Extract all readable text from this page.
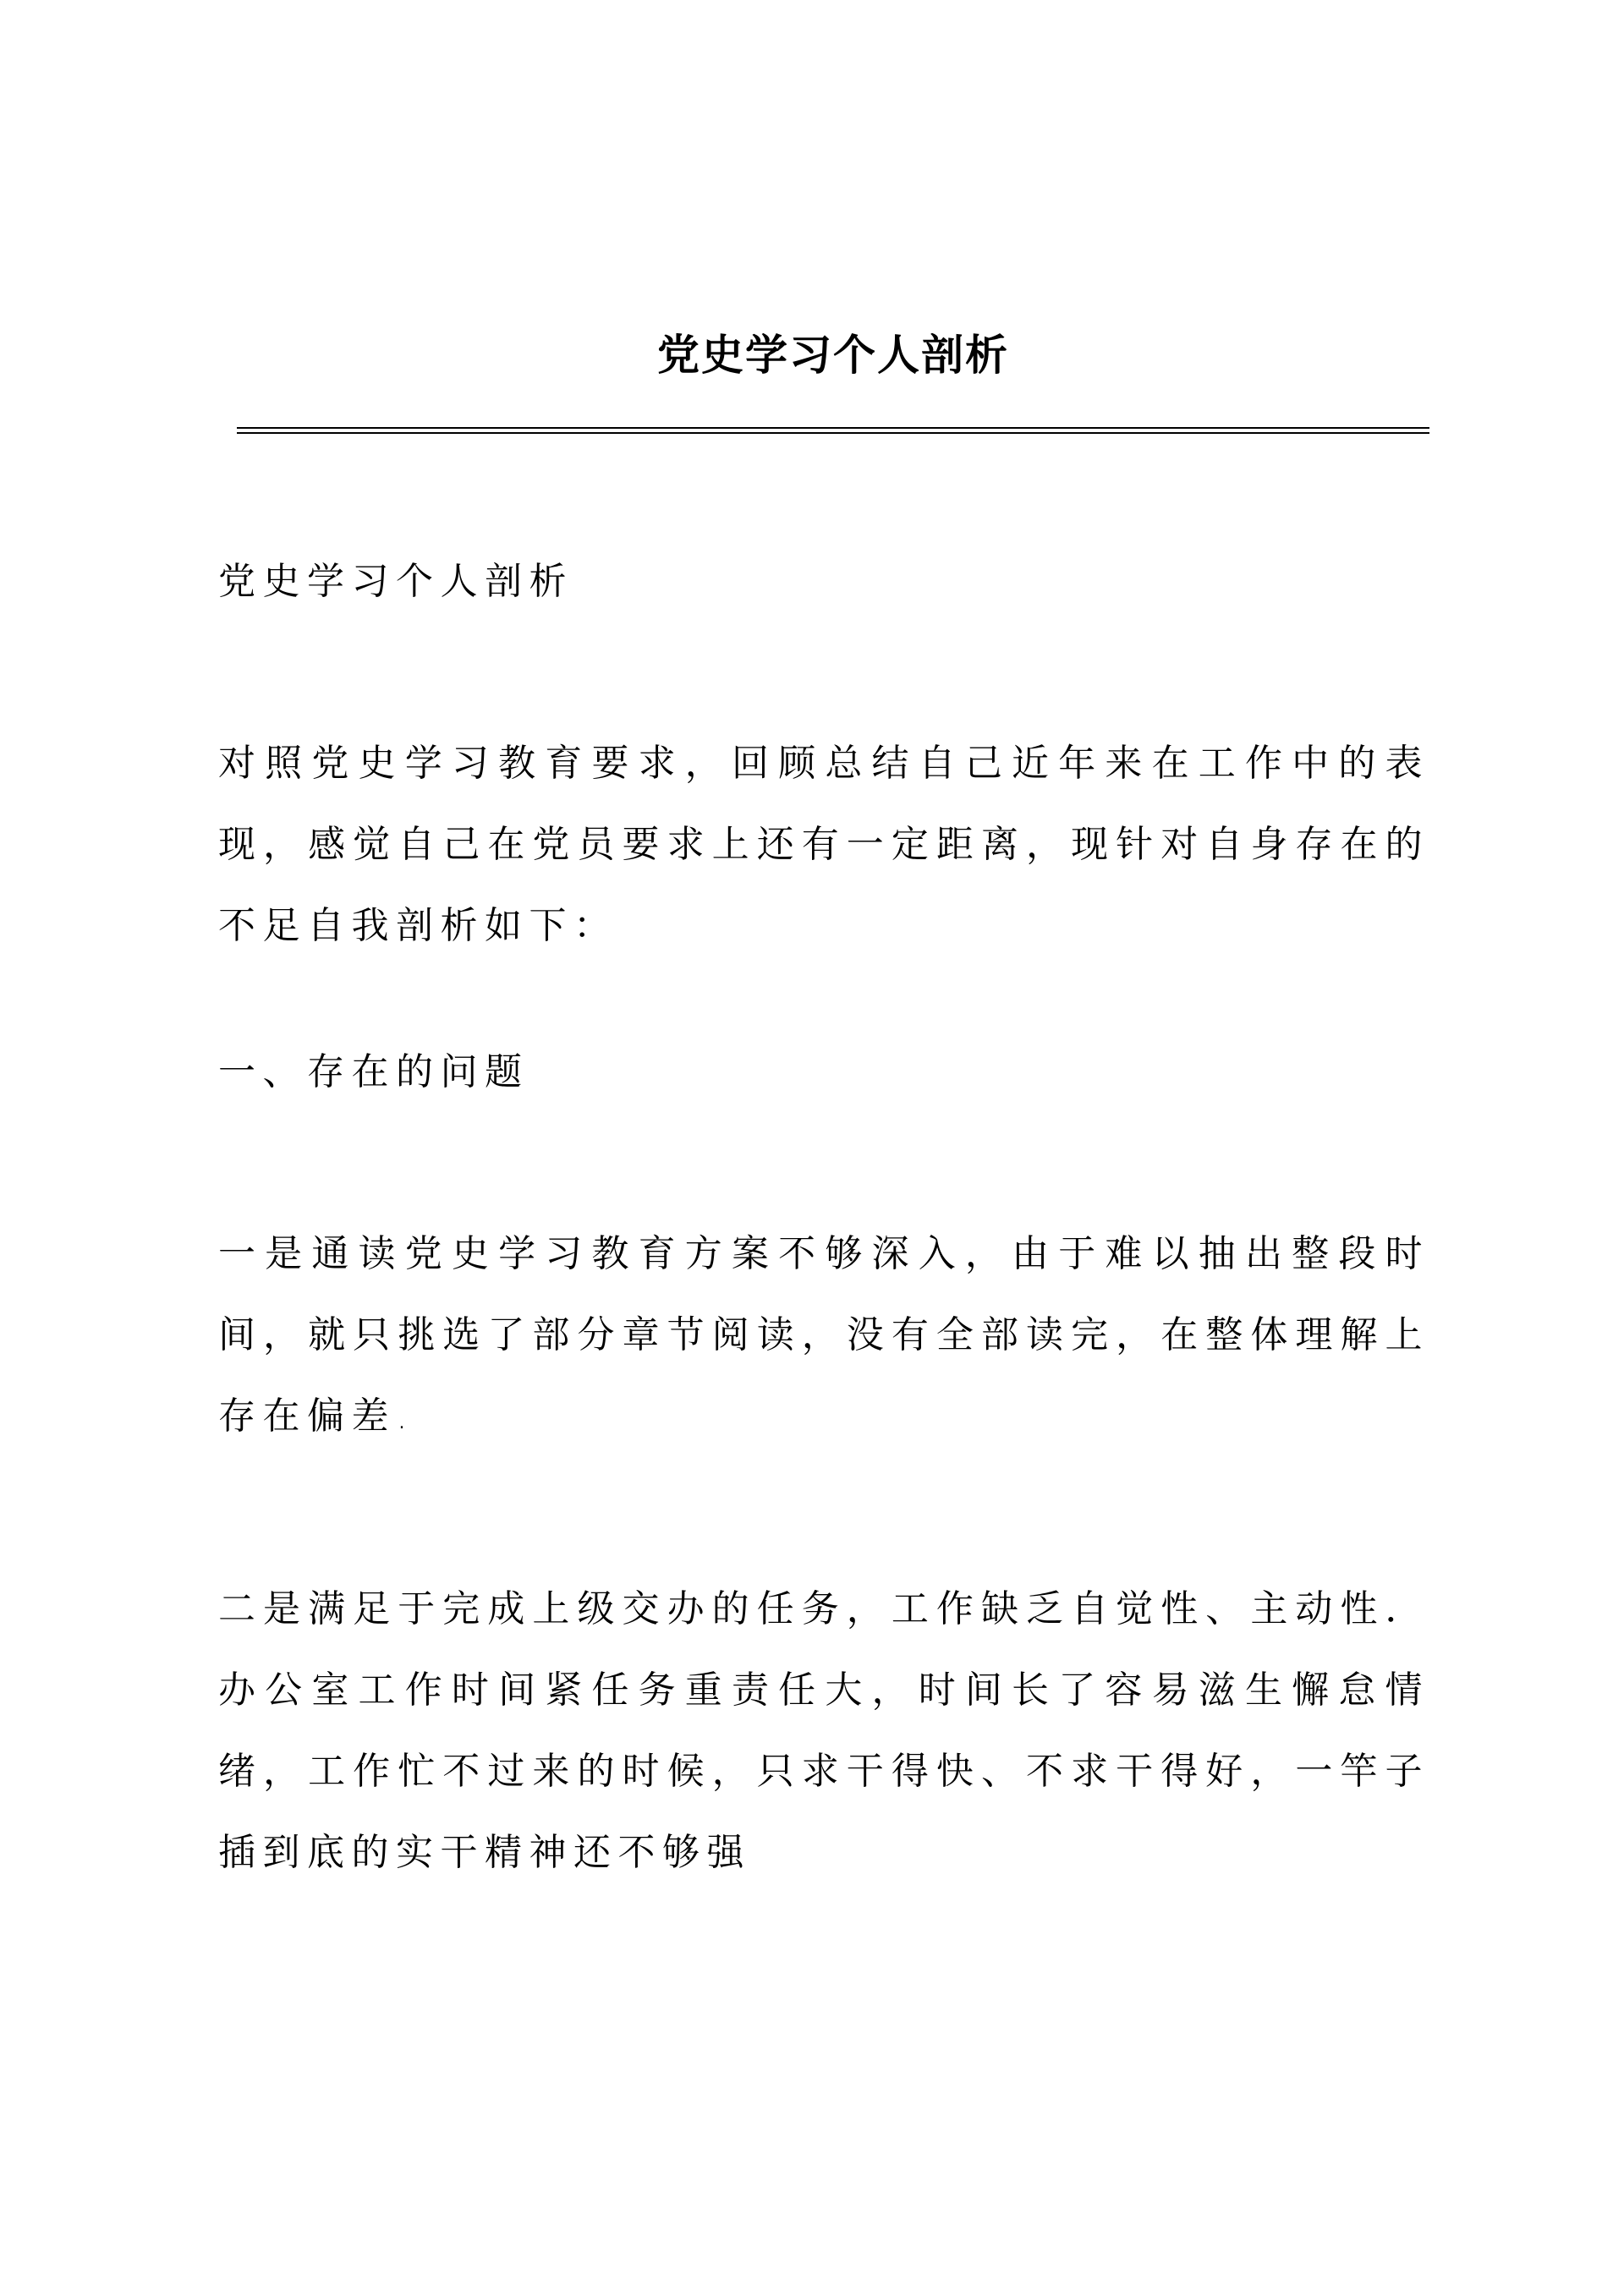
党史学习个人剖析

党史学习个人剖析

对照党史学习教育要求，回顾总结自己近年来在工作中的表现，感觉自己在党员要求上还有一定距离，现针对自身存在的不足自我剖析如下：

一、存在的问题

一是通读党史学习教育方案不够深入，由于难以抽出整段时间，就只挑选了部分章节阅读，没有全部读完，在整体理解上存在偏差.

二是满足于完成上级交办的任务，工作缺乏自觉性、主动性．办公室工作时间紧任务重责任大，时间长了容易滋生懈怠情绪，工作忙不过来的时候，只求干得快、不求干得好，一竿子插到底的实干精神还不够强
